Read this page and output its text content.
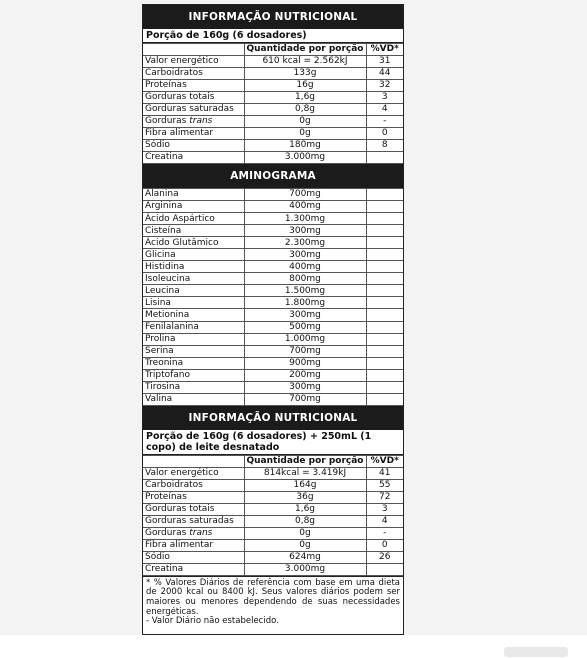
INFORMAÇÃO NUTRICIONAL
Porção de 160g (6 dosadores)
	Quantidade por porção	%VD*
Valor energético	610 kcal = 2.562kJ	31
Carboidratos	133g	44
Proteínas	16g	32
Gorduras totais	1,6g	3
Gorduras saturadas	0,8g	4
Gorduras trans	0g	-
Fibra alimentar	0g	0
Sódio	180mg	8
Creatina	3.000mg	
AMINOGRAMA
Alanina	700mg	
Arginina	400mg	
Ácido Aspártico	1.300mg	
Cisteína	300mg	
Ácido Glutâmico	2.300mg	
Glicina	300mg	
Histidina	400mg	
Isoleucina	800mg	
Leucina	1.500mg	
Lisina	1.800mg	
Metionina	300mg	
Fenilalanina	500mg	
Prolina	1.000mg	
Serina	700mg	
Treonina	900mg	
Triptofano	200mg	
Tirosina	300mg	
Valina	700mg	
INFORMAÇÃO NUTRICIONAL
Porção de 160g (6 dosadores) + 250mL (1 copo) de leite desnatado
	Quantidade por porção	%VD*
Valor energético	814kcal = 3.419kJ	41
Carboidratos	164g	55
Proteínas	36g	72
Gorduras totais	1,6g	3
Gorduras saturadas	0,8g	4
Gorduras trans	0g	-
Fibra alimentar	0g	0
Sódio	624mg	26
Creatina	3.000mg	
* % Valores Diários de referência com base em uma dieta de 2000 kcal ou 8400 kJ. Seus valores diários podem ser maiores ou menores dependendo de suas necessidades energéticas.
- Valor Diário não estabelecido.
